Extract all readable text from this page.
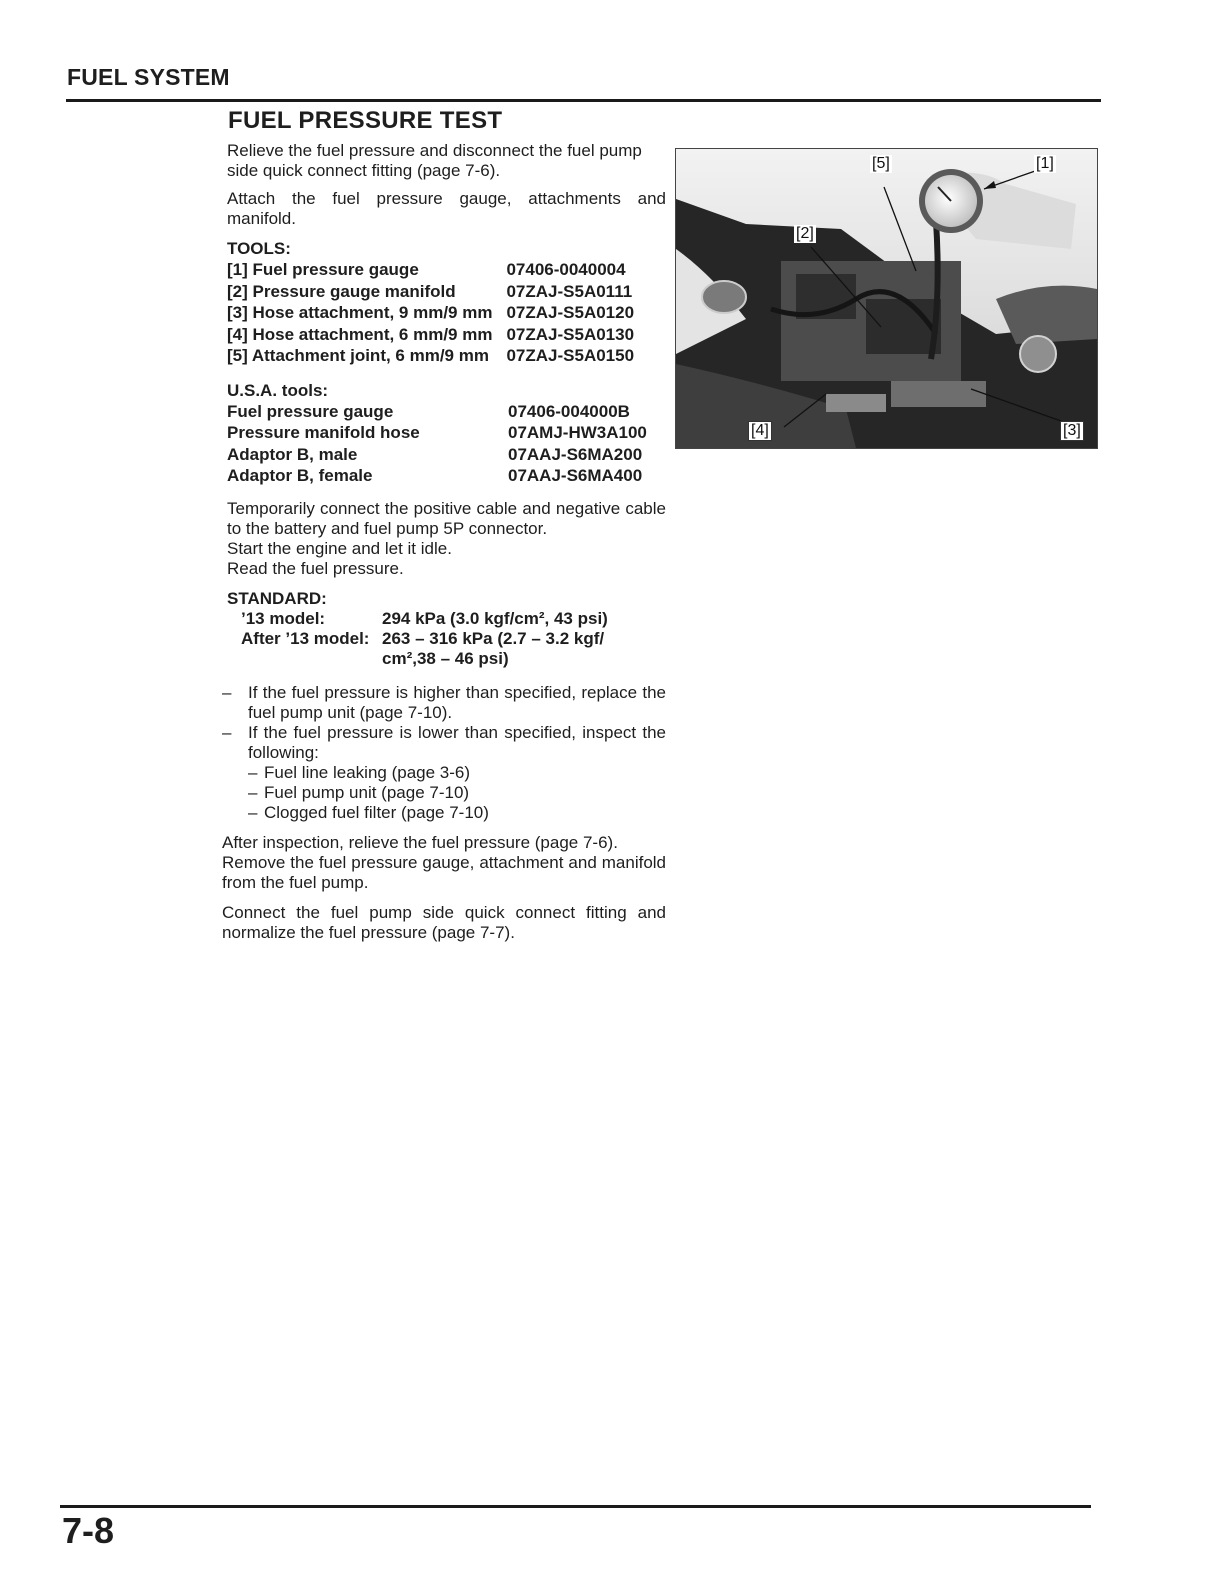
FUEL SYSTEM
FUEL PRESSURE TEST

Relieve the fuel pressure and disconnect the fuel pump side quick connect fitting (page 7-6).

Attach the fuel pressure gauge, attachments and manifold.

TOOLS:

[1] Fuel pressure gauge	07406-0040004
[2] Pressure gauge manifold	07ZAJ-S5A0111
[3] Hose attachment, 9 mm/9 mm	07ZAJ-S5A0120
[4] Hose attachment, 6 mm/9 mm	07ZAJ-S5A0130
[5] Attachment joint, 6 mm/9 mm	07ZAJ-S5A0150

U.S.A. tools:

Fuel pressure gauge	07406-004000B
Pressure manifold hose	07AMJ-HW3A100
Adaptor B, male	07AAJ-S6MA200
Adaptor B, female	07AAJ-S6MA400

Temporarily connect the positive cable and negative cable to the battery and fuel pump 5P connector.

Start the engine and let it idle.

Read the fuel pressure.

STANDARD:

’13 model:	294 kPa (3.0 kgf/cm², 43 psi)
After ’13 model:	263 – 316 kPa (2.7 – 3.2 kgf/
cm²,38 – 46 psi)
– If the fuel pressure is higher than specified, replace the fuel pump unit (page 7-10).
– If the fuel pressure is lower than specified, inspect the following:
– Fuel line leaking (page 3-6)
– Fuel pump unit (page 7-10)
– Clogged fuel filter (page 7-10)

After inspection, relieve the fuel pressure (page 7-6).

Remove the fuel pressure gauge, attachment and manifold from the fuel pump.

Connect the fuel pump side quick connect fitting and normalize the fuel pressure (page 7-7).

[5]	[1]
[2]
[4]	[3]
7-8
